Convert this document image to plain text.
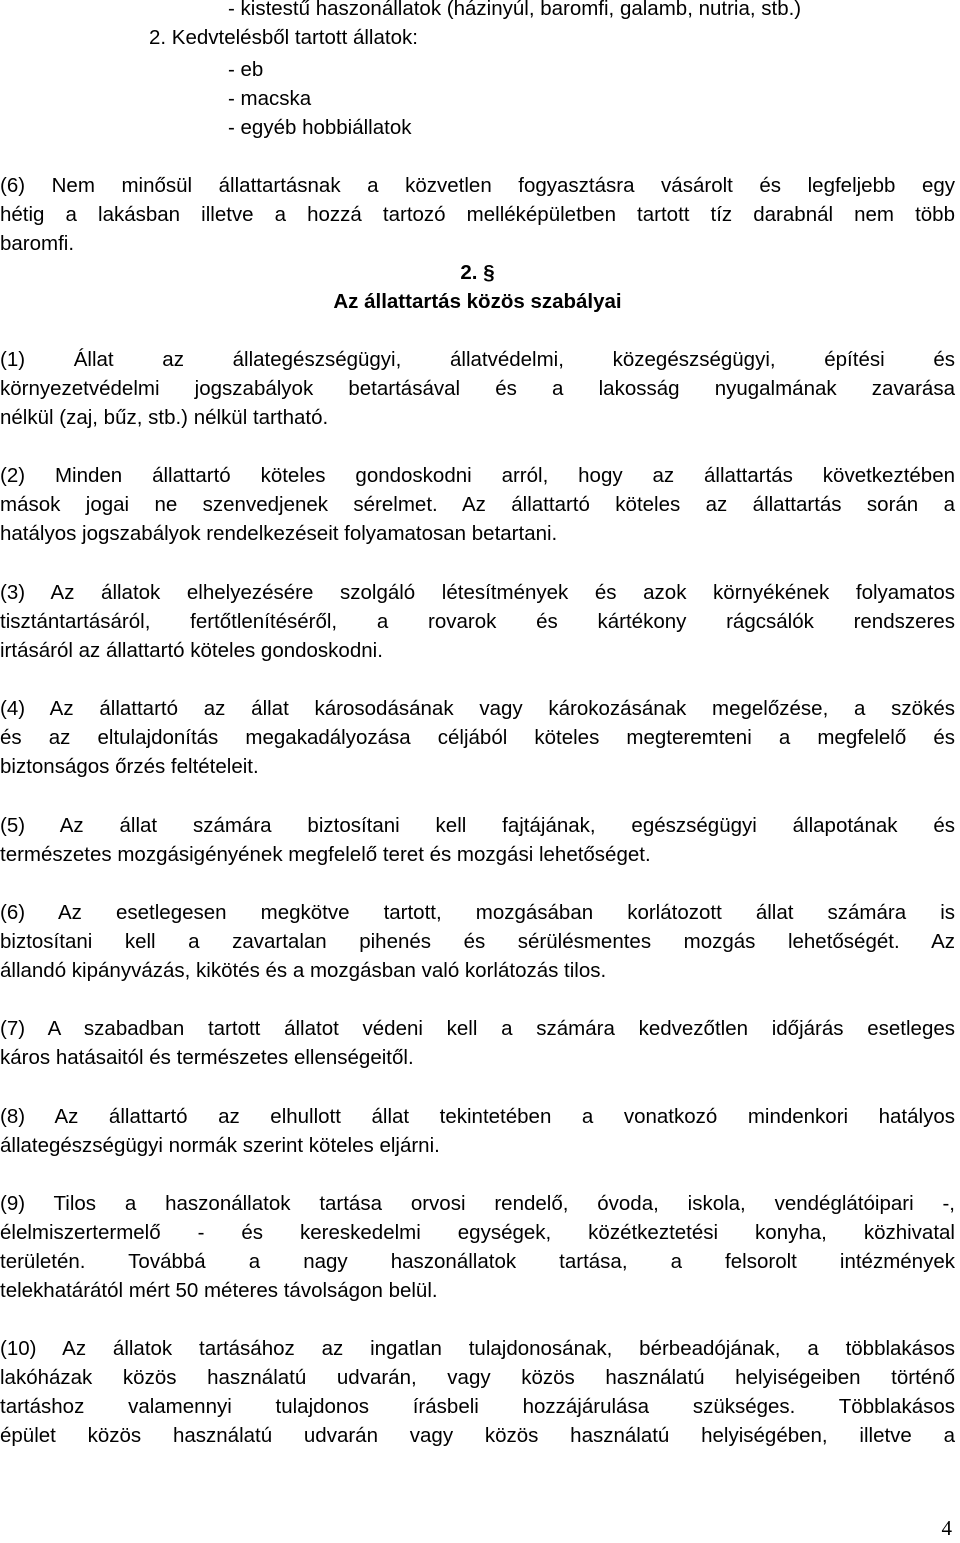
- kistestű haszonállatok (házinyúl, baromfi, galamb, nutria, stb.)
2. Kedvtelésből tartott állatok:
- eb
- macska
- egyéb hobbiállatok
(6) Nem minősül állattartásnak a közvetlen fogyasztásra vásárolt és legfeljebb egy
hétig a lakásban illetve a hozzá tartozó melléképületben tartott tíz darabnál nem több
baromfi.
2. §
Az állattartás közös szabályai
(1) Állat az állategészségügyi, állatvédelmi, közegészségügyi, építési és
környezetvédelmi jogszabályok betartásával és a lakosság nyugalmának zavarása
nélkül (zaj, bűz, stb.) nélkül tartható.
(2) Minden állattartó köteles gondoskodni arról, hogy az állattartás következtében
mások jogai ne szenvedjenek sérelmet. Az állattartó köteles az állattartás során a
hatályos jogszabályok rendelkezéseit folyamatosan betartani.
(3) Az állatok elhelyezésére szolgáló létesítmények és azok környékének folyamatos
tisztántartásáról, fertőtlenítéséről, a rovarok és kártékony rágcsálók rendszeres
irtásáról az állattartó köteles gondoskodni.
(4) Az állattartó az állat károsodásának vagy károkozásának megelőzése, a szökés
és az eltulajdonítás megakadályozása céljából köteles megteremteni a megfelelő és
biztonságos őrzés feltételeit.
(5) Az állat számára biztosítani kell fajtájának, egészségügyi állapotának és
természetes mozgásigényének megfelelő teret és mozgási lehetőséget.
(6) Az esetlegesen megkötve tartott, mozgásában korlátozott állat számára is
biztosítani kell a zavartalan pihenés és sérülésmentes mozgás lehetőségét. Az
állandó kipányvázás, kikötés és a mozgásban való korlátozás tilos.
(7) A szabadban tartott állatot védeni kell a számára kedvezőtlen időjárás esetleges
káros hatásaitól és természetes ellenségeitől.
(8) Az állattartó az elhullott állat tekintetében a vonatkozó mindenkori hatályos
állategészségügyi normák szerint köteles eljárni.
(9) Tilos a haszonállatok tartása orvosi rendelő, óvoda, iskola, vendéglátóipari -,
élelmiszertermelő - és kereskedelmi egységek, közétkeztetési konyha, közhivatal
területén. Továbbá a nagy haszonállatok tartása, a felsorolt intézmények
telekhatárától mért 50 méteres távolságon belül.
(10) Az állatok tartásához az ingatlan tulajdonosának, bérbeadójának, a többlakásos
lakóházak közös használatú udvarán, vagy közös használatú helyiségeiben történő
tartáshoz valamennyi tulajdonos írásbeli hozzájárulása szükséges. Többlakásos
épület közös használatú udvarán vagy közös használatú helyiségében, illetve a
4
